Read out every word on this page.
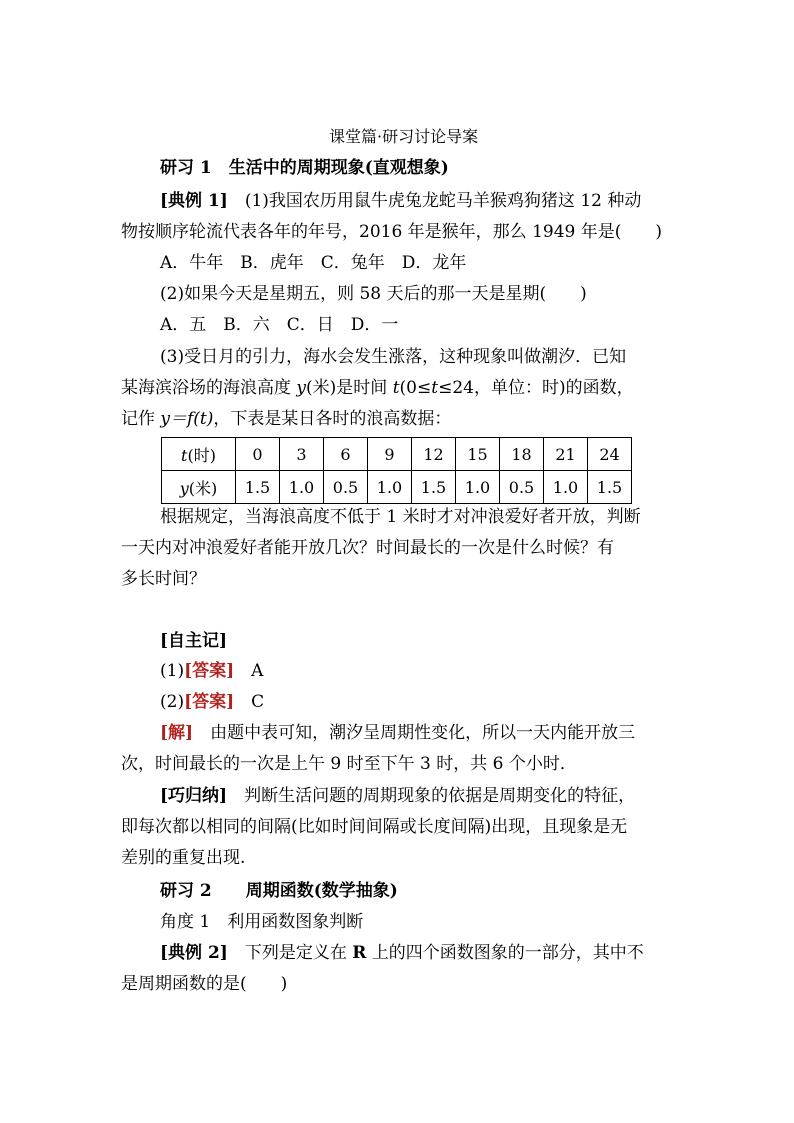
课堂篇·研习讨论导案
研习 1　生活中的周期现象(直观想象)
[典例 1]　(1)我国农历用鼠牛虎兔龙蛇马羊猴鸡狗猪这 12 种动
物按顺序轮流代表各年的年号，2016 年是猴年，那么 1949 年是(　　)
A．牛年　B．虎年　C．兔年　D．龙年
(2)如果今天是星期五，则 58 天后的那一天是星期(　　)
A．五　B．六　C．日　D．一
(3)受日月的引力，海水会发生涨落，这种现象叫做潮汐．已知
某海滨浴场的海浪高度 y(米)是时间 t(0≤t≤24，单位：时)的函数，
记作 y＝f(t)，下表是某日各时的浪高数据：
t(时)	0	3	6	9	12	15	18	21	24
y(米)	1.5	1.0	0.5	1.0	1.5	1.0	0.5	1.0	1.5
根据规定，当海浪高度不低于 1 米时才对冲浪爱好者开放，判断
一天内对冲浪爱好者能开放几次？时间最长的一次是什么时候？有
多长时间？
[自主记]
(1)[答案]　A
(2)[答案]　C
[解]　由题中表可知，潮汐呈周期性变化，所以一天内能开放三
次，时间最长的一次是上午 9 时至下午 3 时，共 6 个小时．
[巧归纳]　判断生活问题的周期现象的依据是周期变化的特征，
即每次都以相同的间隔(比如时间间隔或长度间隔)出现，且现象是无
差别的重复出现.
研习 2　　周期函数(数学抽象)
角度 1　利用函数图象判断
[典例 2]　下列是定义在 R 上的四个函数图象的一部分，其中不
是周期函数的是(　　)
